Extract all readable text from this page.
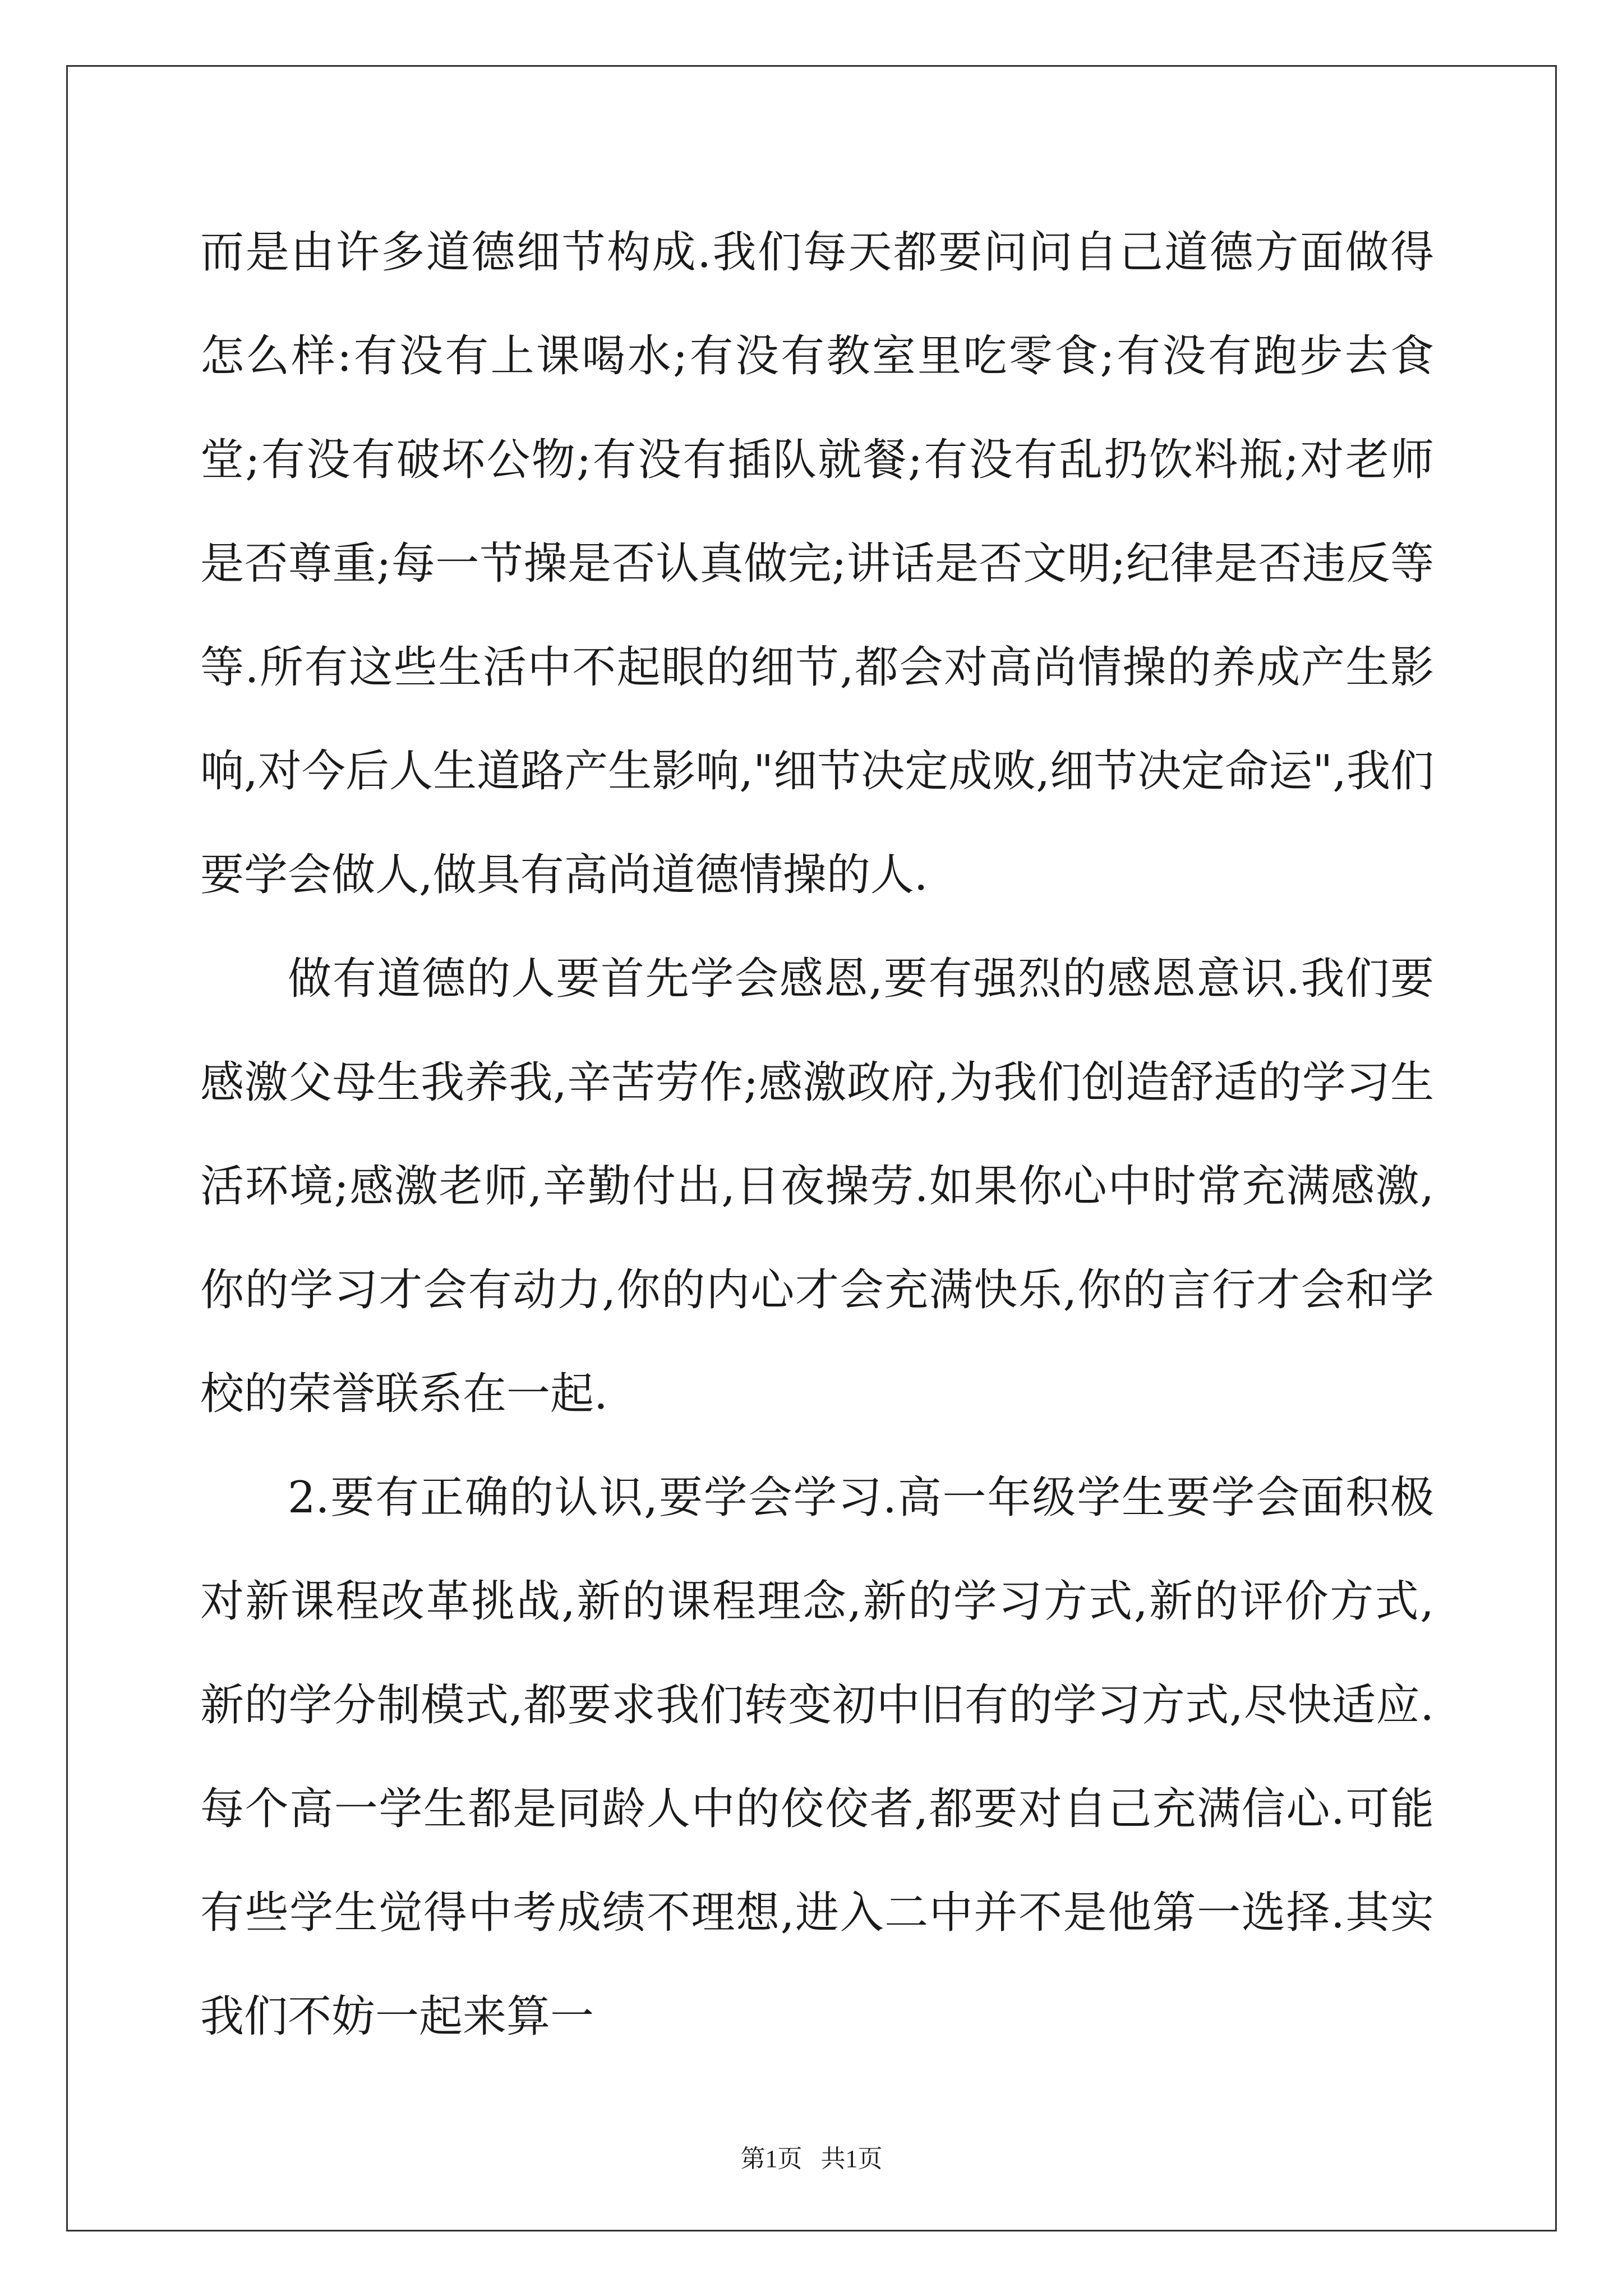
而是由许多道德细节构成.我们每天都要问问自己道德方面做得怎么样:有没有上课喝水;有没有教室里吃零食;有没有跑步去食堂;有没有破坏公物;有没有插队就餐;有没有乱扔饮料瓶;对老师是否尊重;每一节操是否认真做完;讲话是否文明;纪律是否违反等等.所有这些生活中不起眼的细节,都会对高尚情操的养成产生影响,对今后人生道路产生影响,"细节决定成败,细节决定命运",我们要学会做人,做具有高尚道德情操的人.

做有道德的人要首先学会感恩,要有强烈的感恩意识.我们要感激父母生我养我,辛苦劳作;感激政府,为我们创造舒适的学习生活环境;感激老师,辛勤付出,日夜操劳.如果你心中时常充满感激,你的学习才会有动力,你的内心才会充满快乐,你的言行才会和学校的荣誉联系在一起.

2.要有正确的认识,要学会学习.高一年级学生要学会面积极对新课程改革挑战,新的课程理念,新的学习方式,新的评价方式,新的学分制模式,都要求我们转变初中旧有的学习方式,尽快适应.每个高一学生都是同龄人中的佼佼者,都要对自己充满信心.可能有些学生觉得中考成绩不理想,进入二中并不是他第一选择.其实我们不妨一起来算一

第1页   共1页
